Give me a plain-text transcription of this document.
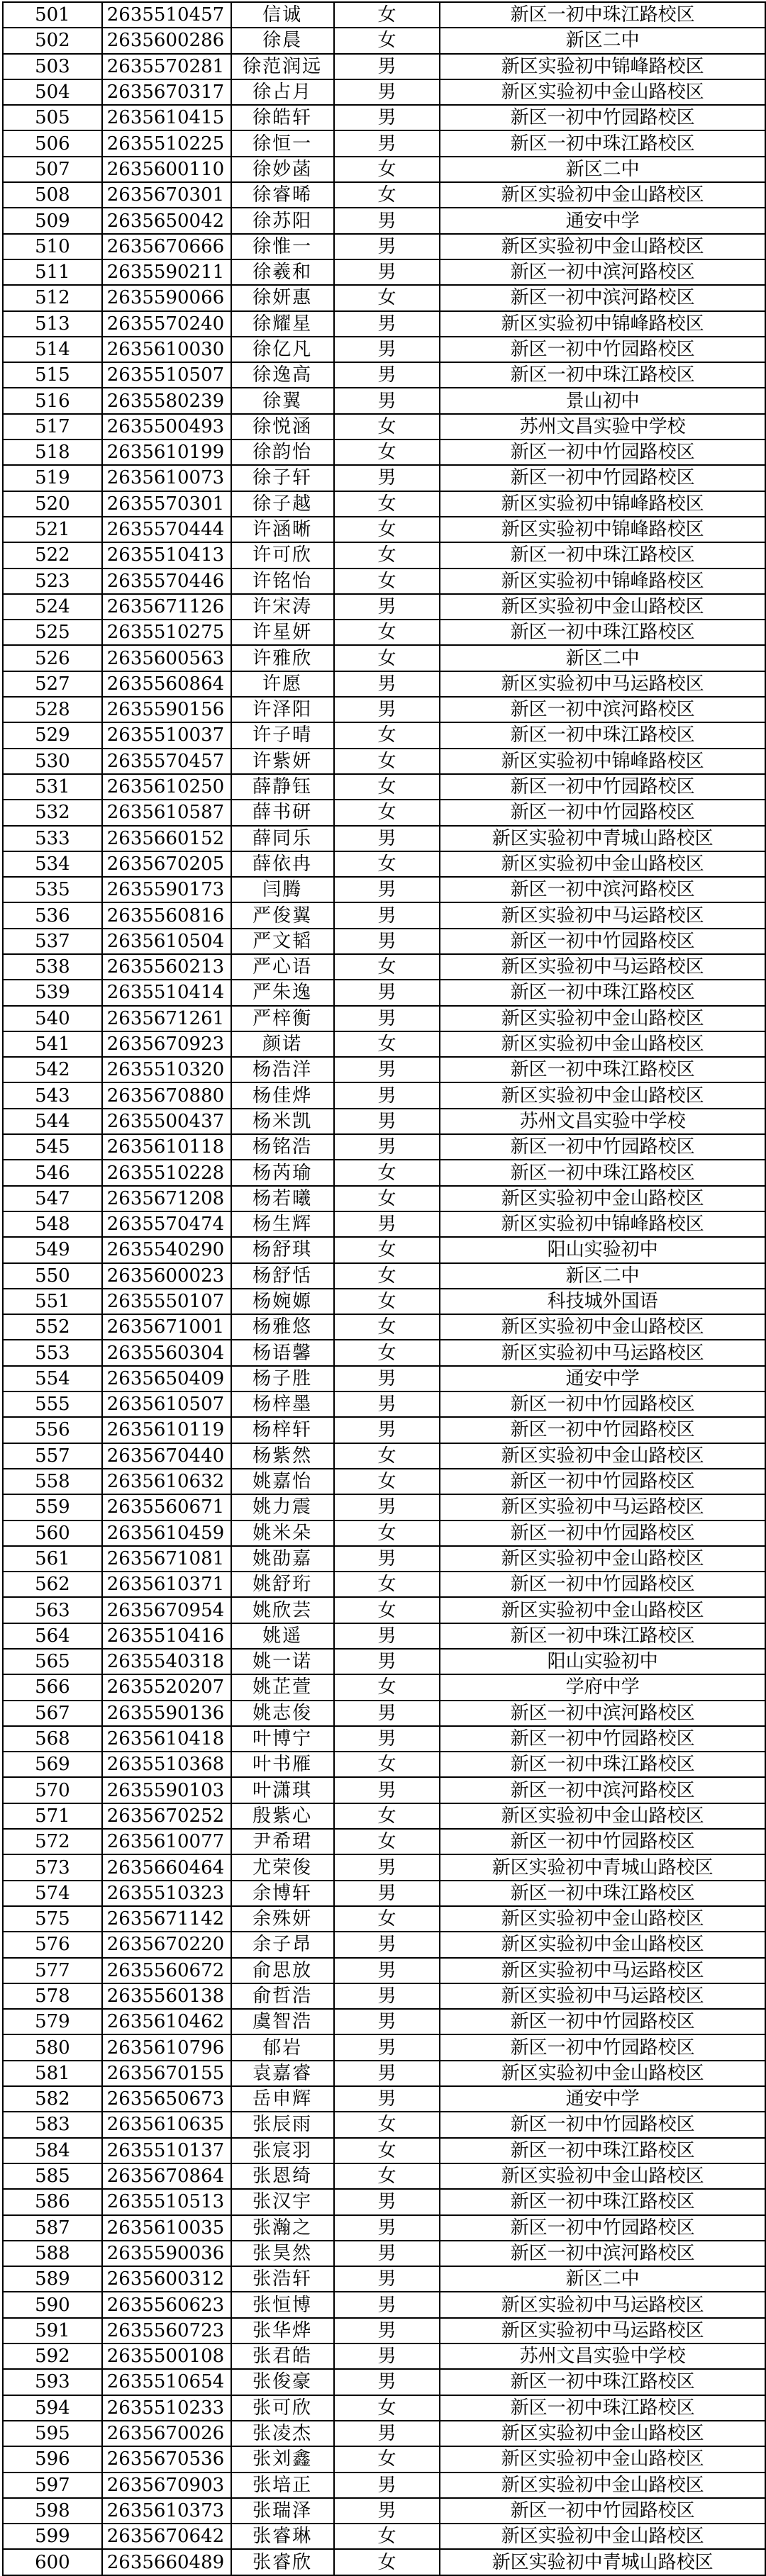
501	2635510457	信诚	女	新区一初中珠江路校区
502	2635600286	徐晨	女	新区二中
503	2635570281	徐范润远	男	新区实验初中锦峰路校区
504	2635670317	徐占月	男	新区实验初中金山路校区
505	2635610415	徐皓轩	男	新区一初中竹园路校区
506	2635510225	徐恒一	男	新区一初中珠江路校区
507	2635600110	徐妙菡	女	新区二中
508	2635670301	徐睿晞	女	新区实验初中金山路校区
509	2635650042	徐苏阳	男	通安中学
510	2635670666	徐惟一	男	新区实验初中金山路校区
511	2635590211	徐羲和	男	新区一初中滨河路校区
512	2635590066	徐妍惠	女	新区一初中滨河路校区
513	2635570240	徐耀星	男	新区实验初中锦峰路校区
514	2635610030	徐亿凡	男	新区一初中竹园路校区
515	2635510507	徐逸高	男	新区一初中珠江路校区
516	2635580239	徐翼	男	景山初中
517	2635500493	徐悦涵	女	苏州文昌实验中学校
518	2635610199	徐韵怡	女	新区一初中竹园路校区
519	2635610073	徐子轩	男	新区一初中竹园路校区
520	2635570301	徐子越	女	新区实验初中锦峰路校区
521	2635570444	许涵晰	女	新区实验初中锦峰路校区
522	2635510413	许可欣	女	新区一初中珠江路校区
523	2635570446	许铭怡	女	新区实验初中锦峰路校区
524	2635671126	许宋涛	男	新区实验初中金山路校区
525	2635510275	许星妍	女	新区一初中珠江路校区
526	2635600563	许雅欣	女	新区二中
527	2635560864	许愿	男	新区实验初中马运路校区
528	2635590156	许泽阳	男	新区一初中滨河路校区
529	2635510037	许子晴	女	新区一初中珠江路校区
530	2635570457	许紫妍	女	新区实验初中锦峰路校区
531	2635610250	薛静钰	女	新区一初中竹园路校区
532	2635610587	薛书研	女	新区一初中竹园路校区
533	2635660152	薛同乐	男	新区实验初中青城山路校区
534	2635670205	薛依冉	女	新区实验初中金山路校区
535	2635590173	闫腾	男	新区一初中滨河路校区
536	2635560816	严俊翼	男	新区实验初中马运路校区
537	2635610504	严文韬	男	新区一初中竹园路校区
538	2635560213	严心语	女	新区实验初中马运路校区
539	2635510414	严朱逸	男	新区一初中珠江路校区
540	2635671261	严梓衡	男	新区实验初中金山路校区
541	2635670923	颜诺	女	新区实验初中金山路校区
542	2635510320	杨浩洋	男	新区一初中珠江路校区
543	2635670880	杨佳烨	男	新区实验初中金山路校区
544	2635500437	杨米凯	男	苏州文昌实验中学校
545	2635610118	杨铭浩	男	新区一初中竹园路校区
546	2635510228	杨芮瑜	女	新区一初中珠江路校区
547	2635671208	杨若曦	女	新区实验初中金山路校区
548	2635570474	杨生辉	男	新区实验初中锦峰路校区
549	2635540290	杨舒琪	女	阳山实验初中
550	2635600023	杨舒恬	女	新区二中
551	2635550107	杨婉嫄	女	科技城外国语
552	2635671001	杨雅悠	女	新区实验初中金山路校区
553	2635560304	杨语馨	女	新区实验初中马运路校区
554	2635650409	杨子胜	男	通安中学
555	2635610507	杨梓墨	男	新区一初中竹园路校区
556	2635610119	杨梓轩	男	新区一初中竹园路校区
557	2635670440	杨紫然	女	新区实验初中金山路校区
558	2635610632	姚嘉怡	女	新区一初中竹园路校区
559	2635560671	姚力震	男	新区实验初中马运路校区
560	2635610459	姚米朵	女	新区一初中竹园路校区
561	2635671081	姚劭嘉	男	新区实验初中金山路校区
562	2635610371	姚舒珩	女	新区一初中竹园路校区
563	2635670954	姚欣芸	女	新区实验初中金山路校区
564	2635510416	姚遥	男	新区一初中珠江路校区
565	2635540318	姚一诺	男	阳山实验初中
566	2635520207	姚芷萱	女	学府中学
567	2635590136	姚志俊	男	新区一初中滨河路校区
568	2635610418	叶博宁	男	新区一初中竹园路校区
569	2635510368	叶书雁	女	新区一初中珠江路校区
570	2635590103	叶潇琪	男	新区一初中滨河路校区
571	2635670252	殷紫心	女	新区实验初中金山路校区
572	2635610077	尹希珺	女	新区一初中竹园路校区
573	2635660464	尤荣俊	男	新区实验初中青城山路校区
574	2635510323	余博轩	男	新区一初中珠江路校区
575	2635671142	余殊妍	女	新区实验初中金山路校区
576	2635670220	余子昂	男	新区实验初中金山路校区
577	2635560672	俞思放	男	新区实验初中马运路校区
578	2635560138	俞哲浩	男	新区实验初中马运路校区
579	2635610462	虞智浩	男	新区一初中竹园路校区
580	2635610796	郁岩	男	新区一初中竹园路校区
581	2635670155	袁嘉睿	男	新区实验初中金山路校区
582	2635650673	岳申辉	男	通安中学
583	2635610635	张辰雨	女	新区一初中竹园路校区
584	2635510137	张宸羽	女	新区一初中珠江路校区
585	2635670864	张恩绮	女	新区实验初中金山路校区
586	2635510513	张汉宇	男	新区一初中珠江路校区
587	2635610035	张瀚之	男	新区一初中竹园路校区
588	2635590036	张昊然	男	新区一初中滨河路校区
589	2635600312	张浩轩	男	新区二中
590	2635560623	张恒博	男	新区实验初中马运路校区
591	2635560723	张华烨	男	新区实验初中马运路校区
592	2635500108	张君皓	男	苏州文昌实验中学校
593	2635510654	张俊豪	男	新区一初中珠江路校区
594	2635510233	张可欣	女	新区一初中珠江路校区
595	2635670026	张凌杰	男	新区实验初中金山路校区
596	2635670536	张刘鑫	女	新区实验初中金山路校区
597	2635670903	张培正	男	新区实验初中金山路校区
598	2635610373	张瑞泽	男	新区一初中竹园路校区
599	2635670642	张睿琳	女	新区实验初中金山路校区
600	2635660489	张睿欣	女	新区实验初中青城山路校区
